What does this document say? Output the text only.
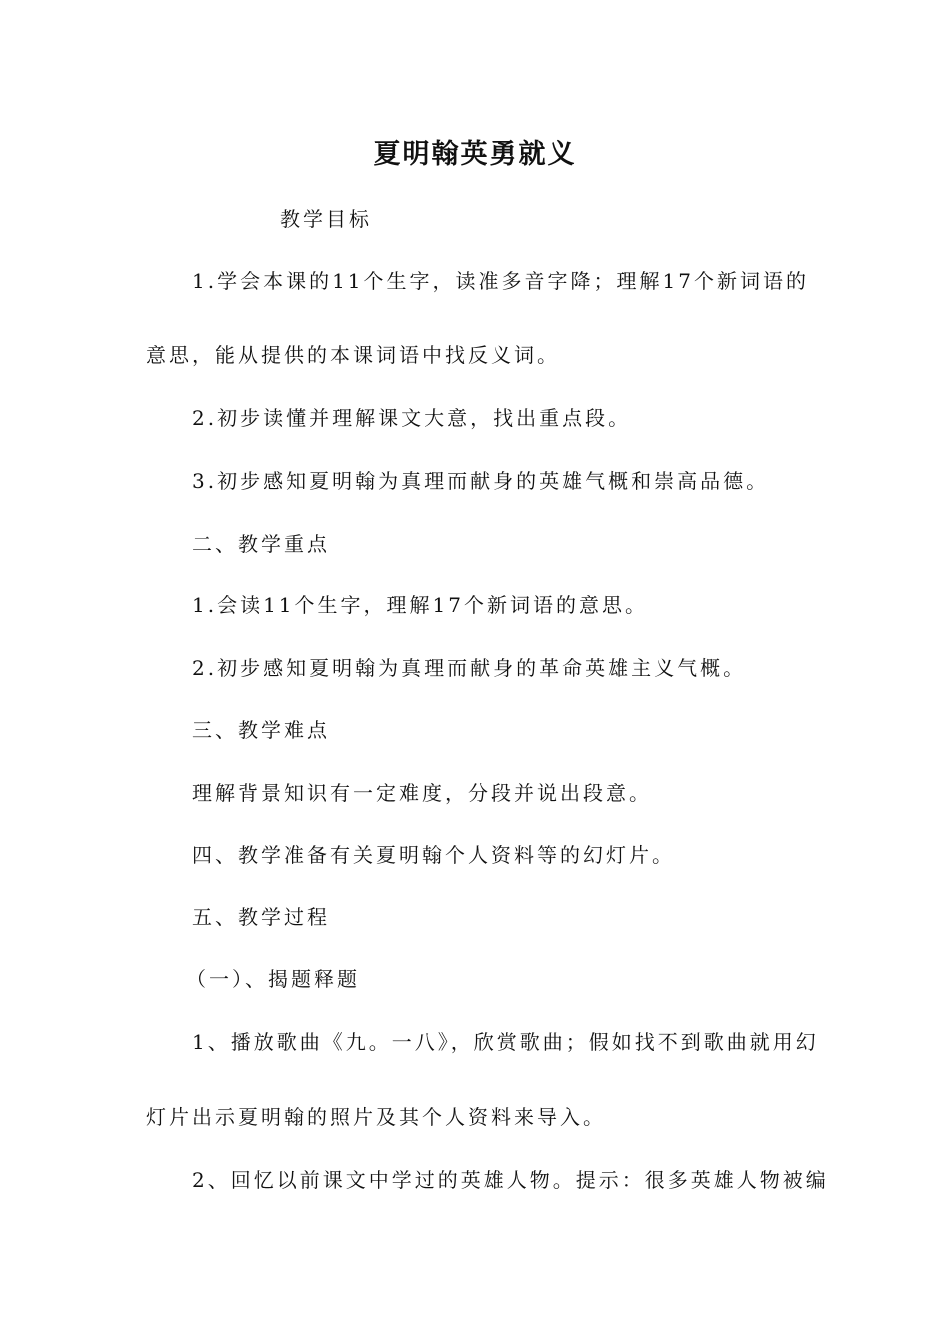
夏明翰英勇就义

教学目标

1.学会本课的11个生字，读准多音字降；理解17个新词语的

意思，能从提供的本课词语中找反义词。

2.初步读懂并理解课文大意，找出重点段。

3.初步感知夏明翰为真理而献身的英雄气概和崇高品德。

二、教学重点

1.会读11个生字，理解17个新词语的意思。

2.初步感知夏明翰为真理而献身的革命英雄主义气概。

三、教学难点

理解背景知识有一定难度，分段并说出段意。

四、教学准备有关夏明翰个人资料等的幻灯片。

五、教学过程

（一）、揭题释题

1、播放歌曲《九。一八》，欣赏歌曲；假如找不到歌曲就用幻

灯片出示夏明翰的照片及其个人资料来导入。

2、回忆以前课文中学过的英雄人物。提示：很多英雄人物被编
